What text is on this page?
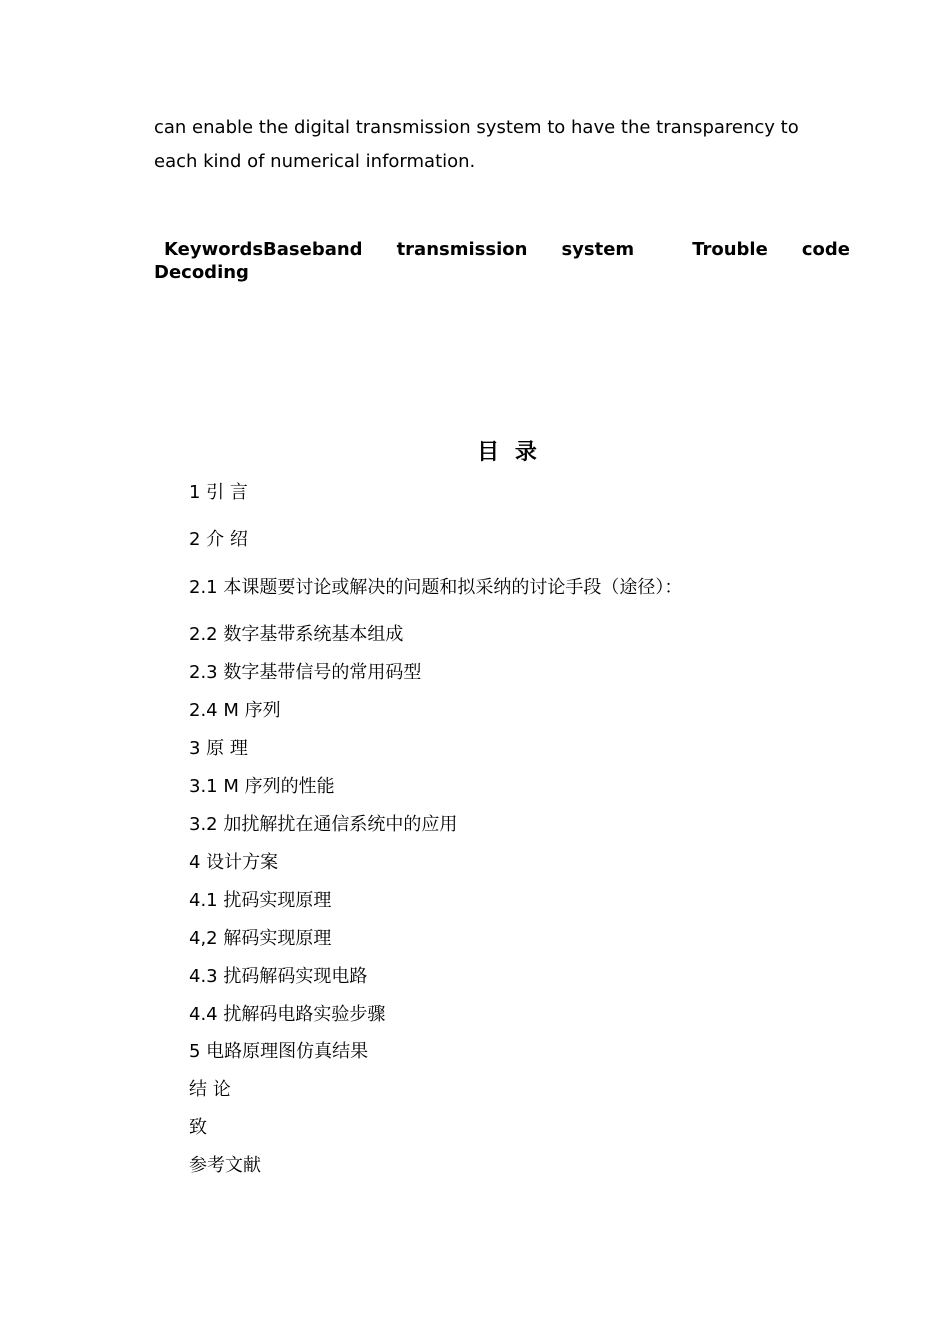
can enable the digital transmission system to have the transparency to
each kind of numerical information.

KeywordsBaseband transmission system	Trouble code
Decoding
目 录
1 引 言
2 介 绍
2.1 本课题要讨论或解决的问题和拟采纳的讨论手段（途径）：
2.2 数字基带系统基本组成
2.3 数字基带信号的常用码型
2.4 M 序列
3 原 理
3.1 M 序列的性能
3.2 加扰解扰在通信系统中的应用
4 设计方案
4.1 扰码实现原理
4,2 解码实现原理
4.3 扰码解码实现电路
4.4 扰解码电路实验步骤
5 电路原理图仿真结果
结 论
致
参考文献
